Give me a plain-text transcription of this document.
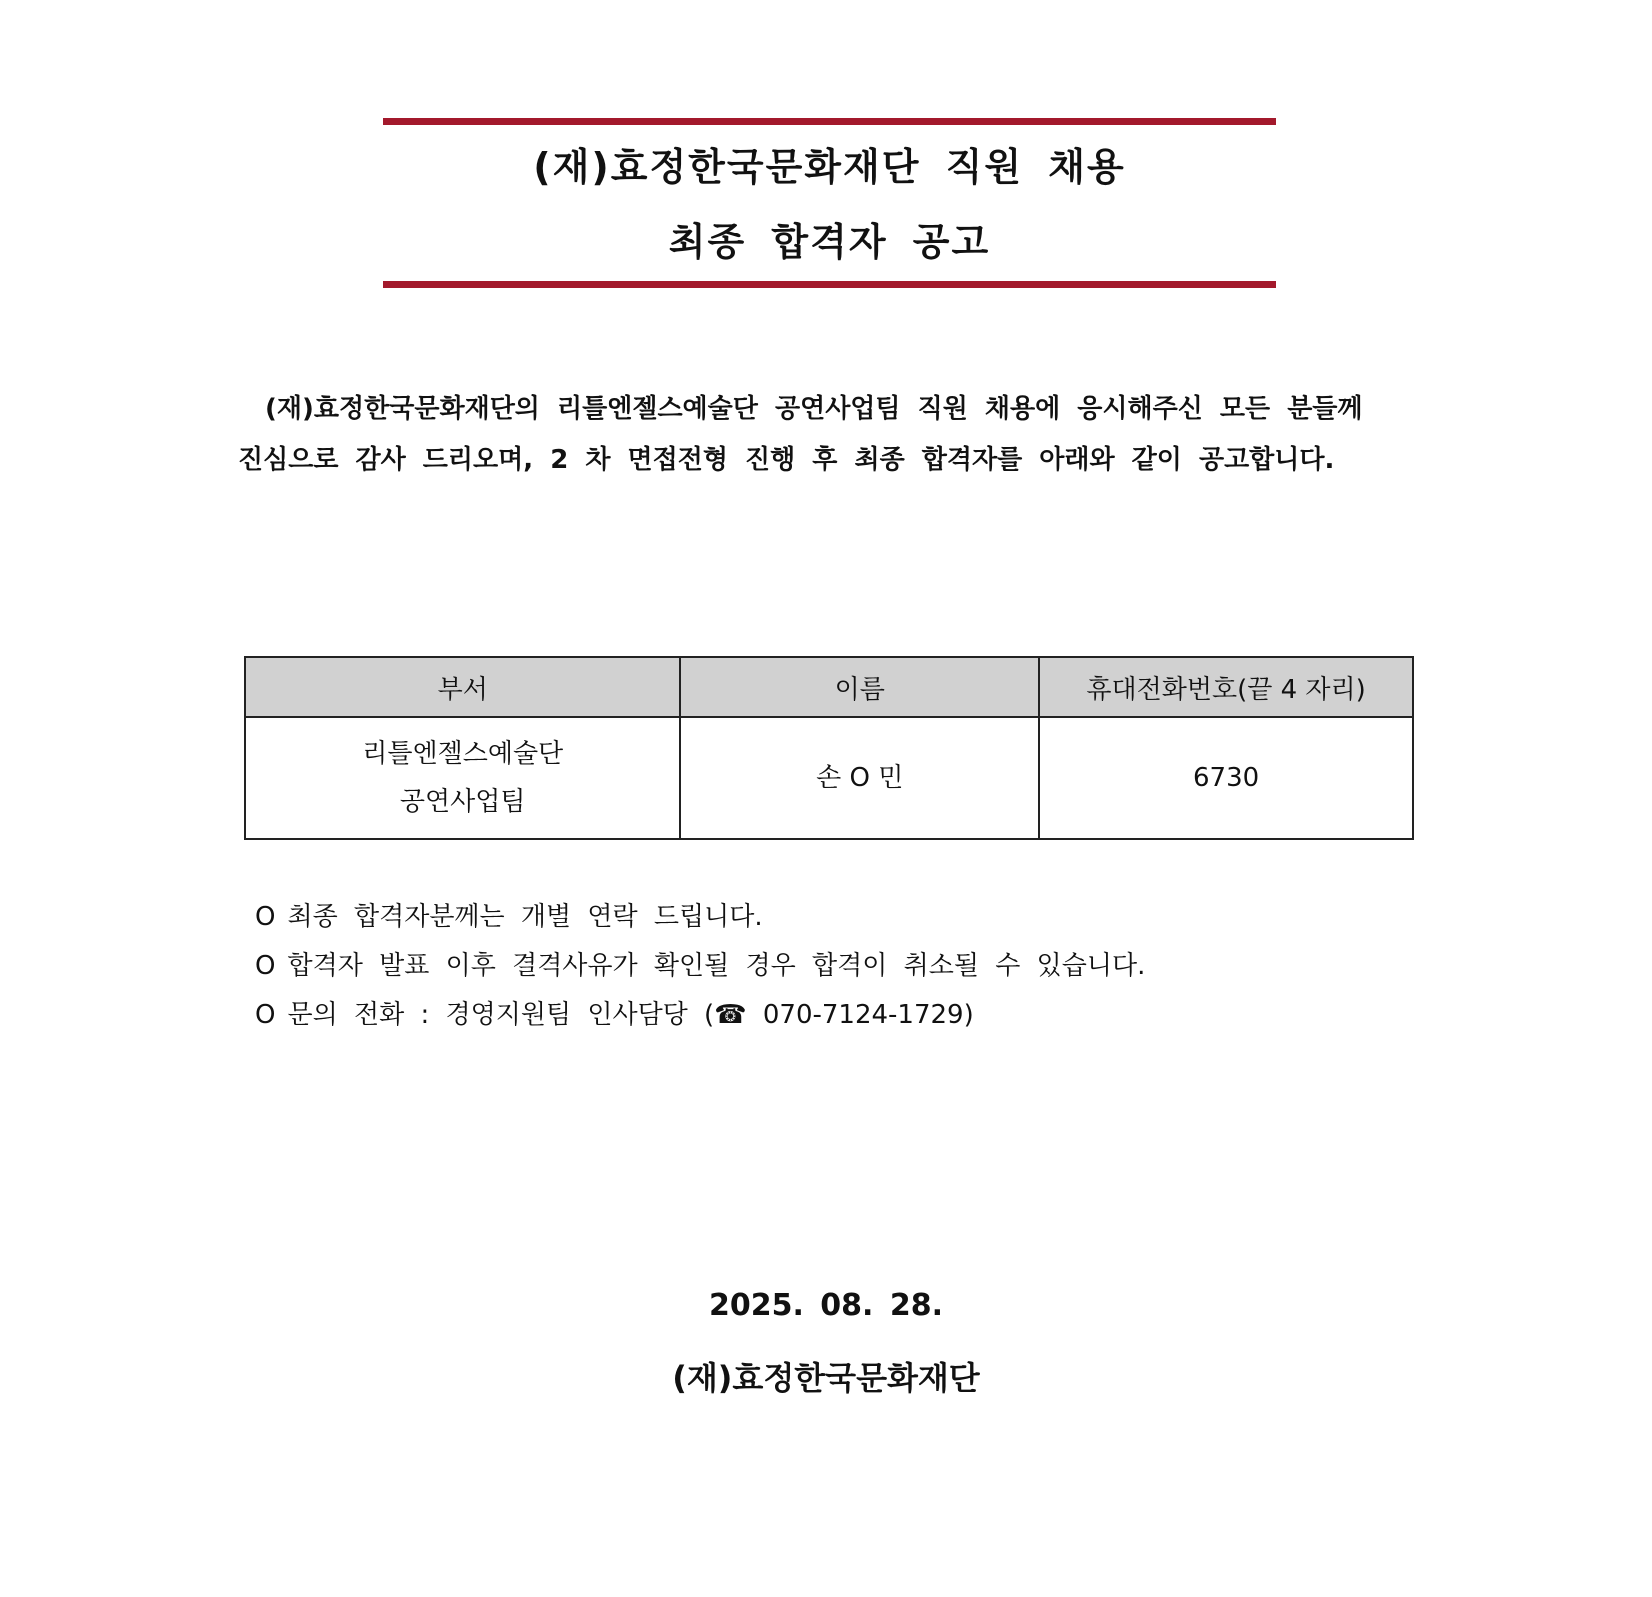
(재)효정한국문화재단 직원 채용
최종 합격자 공고
(재)효정한국문화재단의 리틀엔젤스예술단 공연사업팀 직원 채용에 응시해주신 모든 분들께
진심으로 감사 드리오며, 2 차 면접전형 진행 후 최종 합격자를 아래와 같이 공고합니다.
부서	이름	휴대전화번호(끝 4 자리)

리틀엔젤스예술단
공연사업팀	손 O 민	6730
O 최종 합격자분께는 개별 연락 드립니다.
O 합격자 발표 이후 결격사유가 확인될 경우 합격이 취소될 수 있습니다.
O 문의 전화 : 경영지원팀 인사담당 (☎ 070-7124-1729)
2025. 08. 28.
(재)효정한국문화재단
